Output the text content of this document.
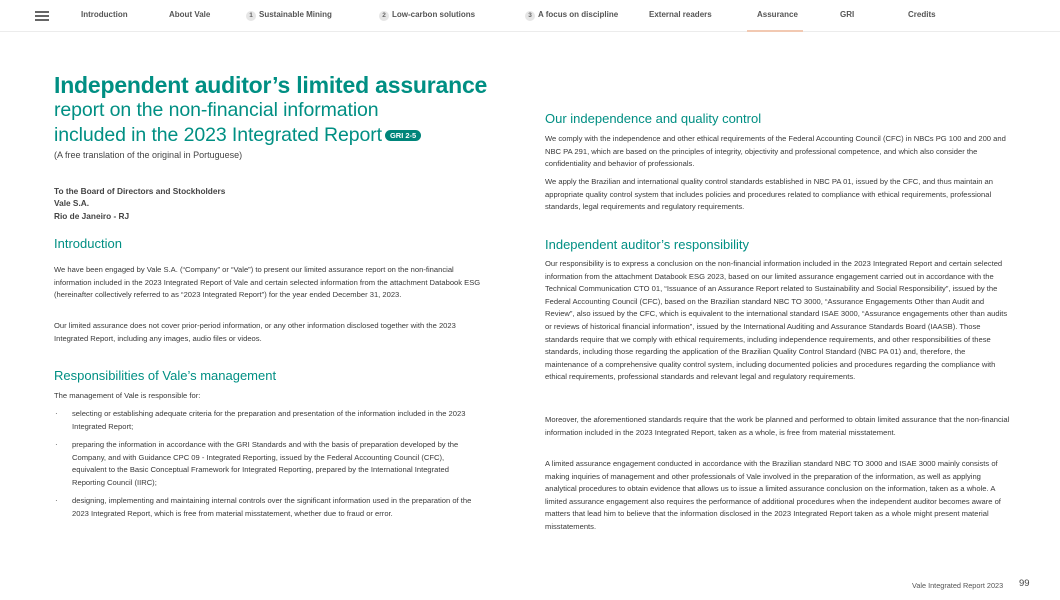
Introduction	About Vale	1 Sustainable Mining	2 Low-carbon solutions	3 A focus on discipline	External readers	Assurance	GRI	Credits
Independent auditor’s limited assurance
report on the non-financial information
included in the 2023 Integrated Report GRI 2-5
(A free translation of the original in Portuguese)
To the Board of Directors and Stockholders
Vale S.A.
Rio de Janeiro - RJ
Introduction
We have been engaged by Vale S.A. (“Company” or “Vale”) to present our limited assurance report on the non-financial information included in the 2023 Integrated Report of Vale and certain selected information from the attachment Databook ESG (hereinafter collectively referred to as “2023 Integrated Report”) for the year ended December 31, 2023.
Our limited assurance does not cover prior-period information, or any other information disclosed together with the 2023 Integrated Report, including any images, audio files or videos.
Responsibilities of Vale’s management
The management of Vale is responsible for:
· selecting or establishing adequate criteria for the preparation and presentation of the information included in the 2023 Integrated Report;
· preparing the information in accordance with the GRI Standards and with the basis of preparation developed by the Company, and with Guidance CPC 09 - Integrated Reporting, issued by the Federal Accounting Council (CFC), equivalent to the Basic Conceptual Framework for Integrated Reporting, prepared by the International Integrated Reporting Council (IIRC);
· designing, implementing and maintaining internal controls over the significant information used in the preparation of the 2023 Integrated Report, which is free from material misstatement, whether due to fraud or error.
Our independence and quality control
We comply with the independence and other ethical requirements of the Federal Accounting Council (CFC) in NBCs PG 100 and 200 and NBC PA 291, which are based on the principles of integrity, objectivity and professional competence, and which also consider the confidentiality and behavior of professionals.
We apply the Brazilian and international quality control standards established in NBC PA 01, issued by the CFC, and thus maintain an appropriate quality control system that includes policies and procedures related to compliance with ethical requirements, professional standards, legal requirements and regulatory requirements.
Independent auditor’s responsibility
Our responsibility is to express a conclusion on the non-financial information included in the 2023 Integrated Report and certain selected information from the attachment Databook ESG 2023, based on our limited assurance engagement carried out in accordance with the Technical Communication CTO 01, “Issuance of an Assurance Report related to Sustainability and Social Responsibility”, issued by the Federal Accounting Council (CFC), based on the Brazilian standard NBC TO 3000, “Assurance Engagements Other than Audit and Review”, also issued by the CFC, which is equivalent to the international standard ISAE 3000, “Assurance engagements other than audits or reviews of historical financial information”, issued by the International Auditing and Assurance Standards Board (IAASB). Those standards require that we comply with ethical requirements, including independence requirements, and other responsibilities of these standards, including those regarding the application of the Brazilian Quality Control Standard (NBC PA 01) and, therefore, the maintenance of a comprehensive quality control system, including documented policies and procedures regarding the compliance with ethical requirements, professional standards and relevant legal and regulatory requirements.
Moreover, the aforementioned standards require that the work be planned and performed to obtain limited assurance that the non-financial information included in the 2023 Integrated Report, taken as a whole, is free from material misstatement.
A limited assurance engagement conducted in accordance with the Brazilian standard NBC TO 3000 and ISAE 3000 mainly consists of making inquiries of management and other professionals of Vale involved in the preparation of the information, as well as applying analytical procedures to obtain evidence that allows us to issue a limited assurance conclusion on the information, taken as a whole. A limited assurance engagement also requires the performance of additional procedures when the independent auditor becomes aware of matters that lead him to believe that the information disclosed in the 2023 Integrated Report taken as a whole might present material misstatements.
Vale Integrated Report 2023 99
